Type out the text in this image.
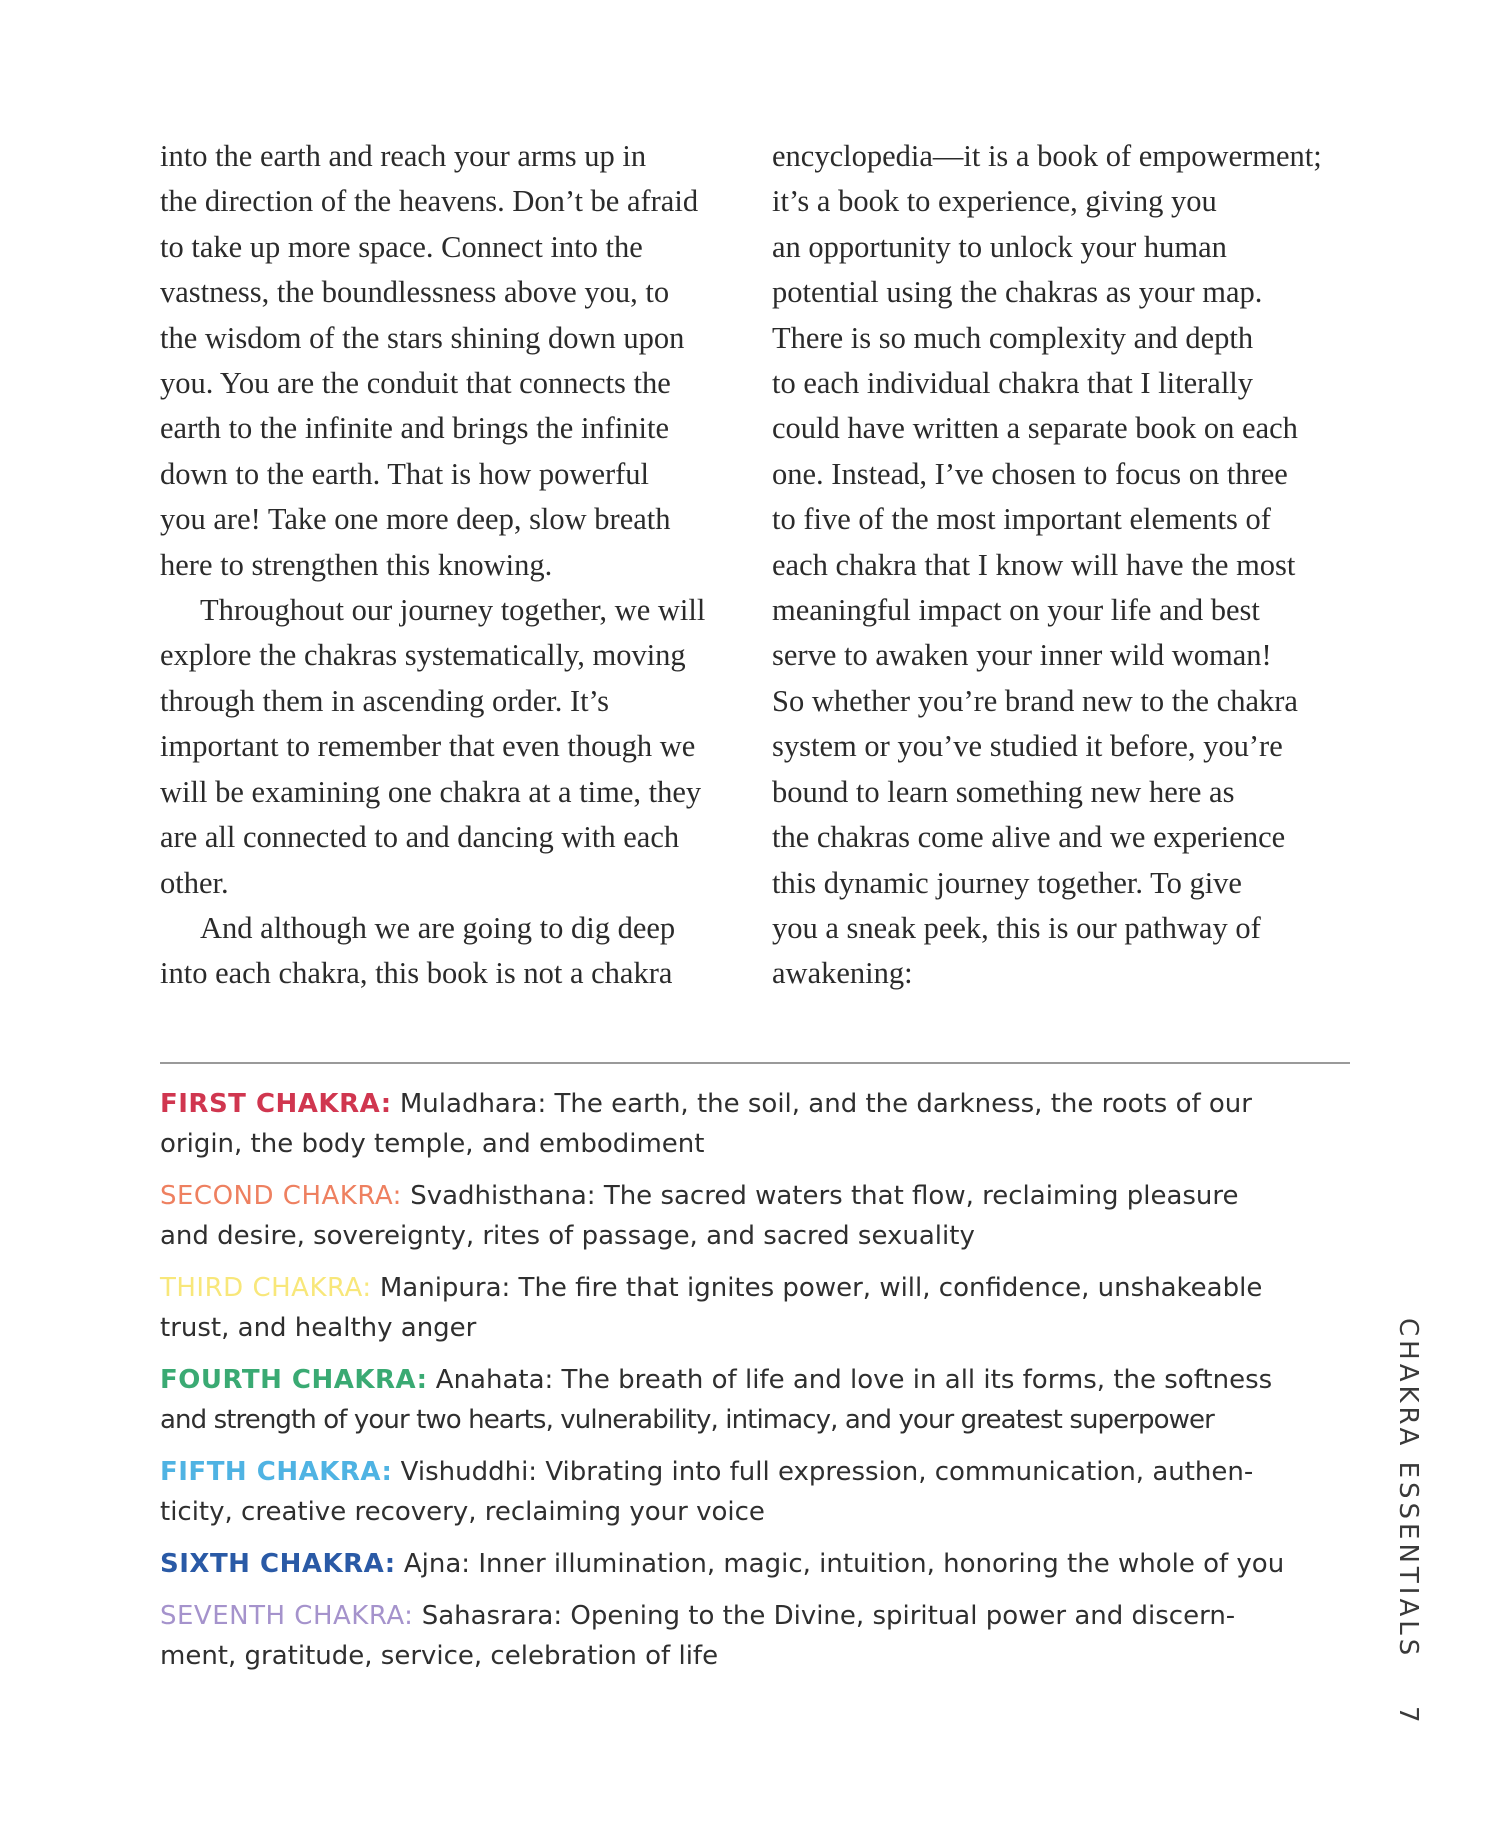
into the earth and reach your arms up in
the direction of the heavens. Don’t be afraid
to take up more space. Connect into the
vastness, the boundlessness above you, to
the wisdom of the stars shining down upon
you. You are the conduit that connects the
earth to the infinite and brings the infinite
down to the earth. That is how powerful
you are! Take one more deep, slow breath
here to strengthen this knowing.

Throughout our journey together, we will
explore the chakras systematically, moving
through them in ascending order. It’s
important to remember that even though we
will be examining one chakra at a time, they
are all connected to and dancing with each
other.

And although we are going to dig deep
into each chakra, this book is not a chakra

encyclopedia—it is a book of empowerment;
it’s a book to experience, giving you
an opportunity to unlock your human
potential using the chakras as your map.
There is so much complexity and depth
to each individual chakra that I literally
could have written a separate book on each
one. Instead, I’ve chosen to focus on three
to five of the most important elements of
each chakra that I know will have the most
meaningful impact on your life and best
serve to awaken your inner wild woman!
So whether you’re brand new to the chakra
system or you’ve studied it before, you’re
bound to learn something new here as
the chakras come alive and we experience
this dynamic journey together. To give
you a sneak peek, this is our pathway of
awakening:

FIRST CHAKRA: Muladhara: The earth, the soil, and the darkness, the roots of our
origin, the body temple, and embodiment
SECOND CHAKRA: Svadhisthana: The sacred waters that flow, reclaiming pleasure
and desire, sovereignty, rites of passage, and sacred sexuality
THIRD CHAKRA: Manipura: The fire that ignites power, will, confidence, unshakeable
trust, and healthy anger
FOURTH CHAKRA: Anahata: The breath of life and love in all its forms, the softness
and strength of your two hearts, vulnerability, intimacy, and your greatest superpower
FIFTH CHAKRA: Vishuddhi: Vibrating into full expression, communication, authen-
ticity, creative recovery, reclaiming your voice
SIXTH CHAKRA: Ajna: Inner illumination, magic, intuition, honoring the whole of you
SEVENTH CHAKRA: Sahasrara: Opening to the Divine, spiritual power and discern-
ment, gratitude, service, celebration of life	CHAKRA ESSENTIALS 7
